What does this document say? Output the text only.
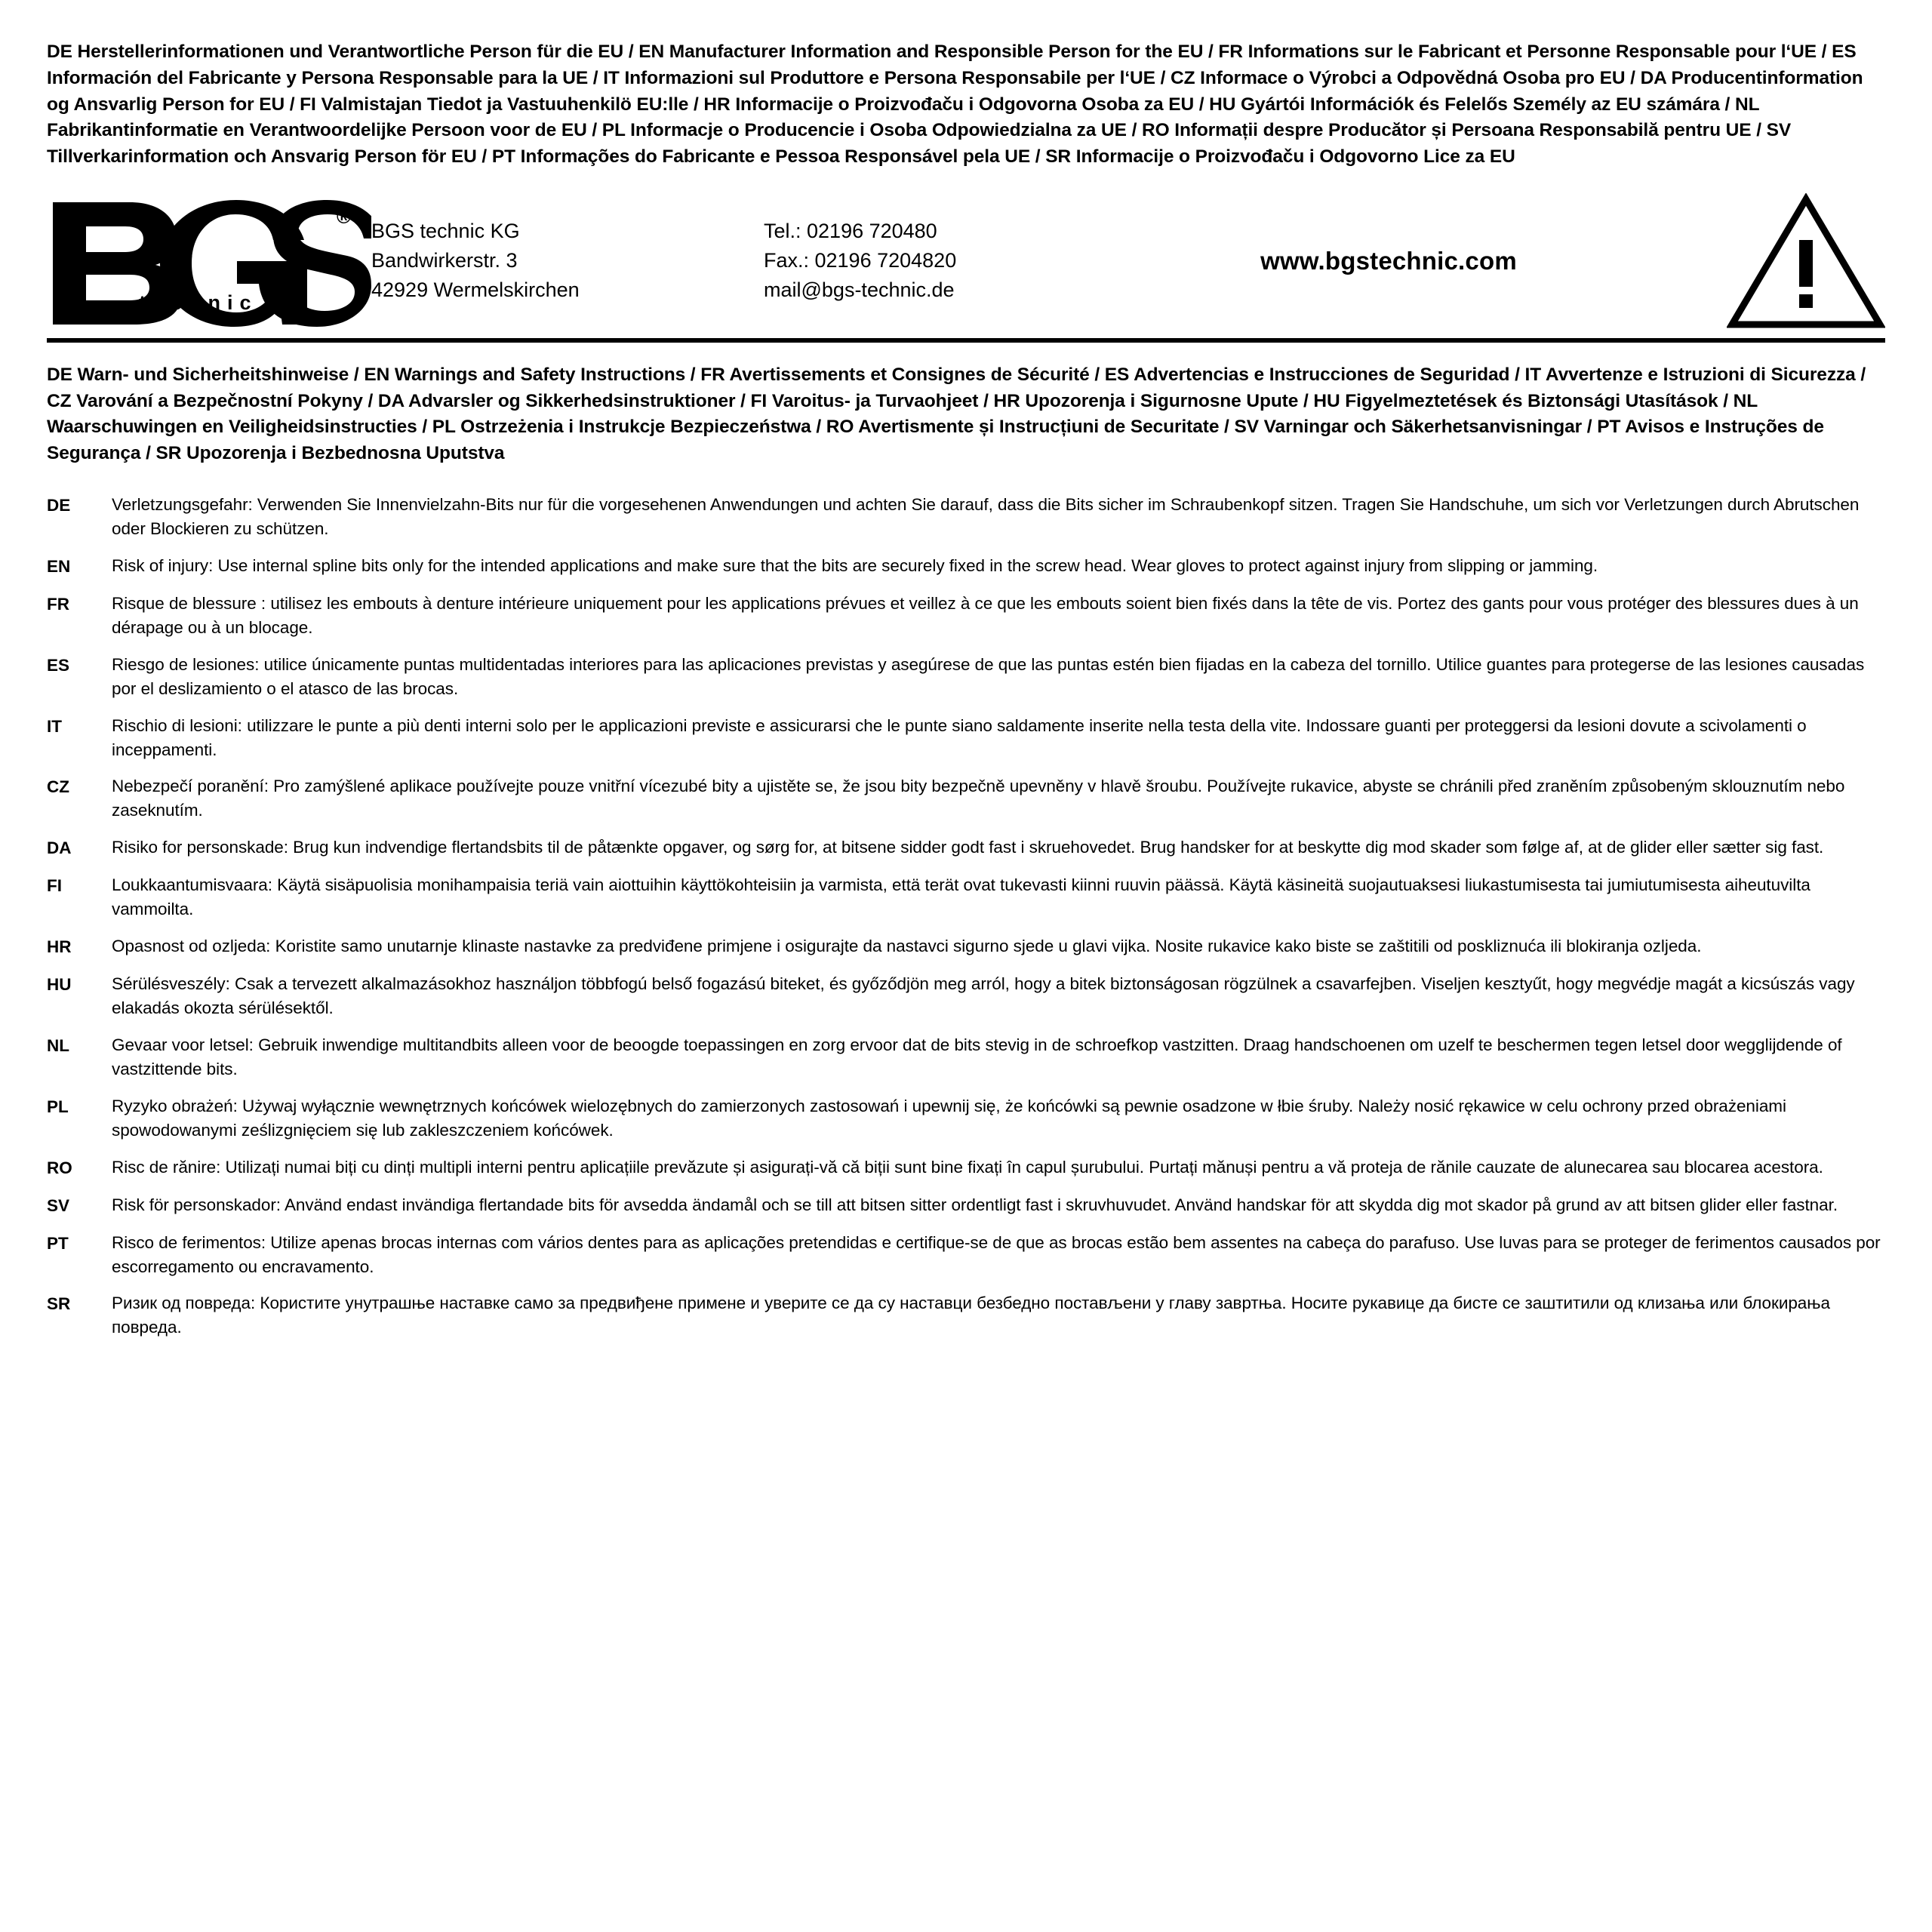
DE Herstellerinformationen und Verantwortliche Person für die EU / EN Manufacturer Information and Responsible Person for the EU / FR Informations sur le Fabricant et Personne Responsable pour l‘UE / ES Información del Fabricante y Persona Responsable para la UE / IT Informazioni sul Produttore e Persona Responsabile per l‘UE / CZ Informace o Výrobci a Odpovědná Osoba pro EU / DA Producentinformation og Ansvarlig Person for EU / FI Valmistajan Tiedot ja Vastuuhenkilö EU:lle / HR Informacije o Proizvođaču i Odgovorna Osoba za EU / HU Gyártói Információk és Felelős Személy az EU számára / NL Fabrikantinformatie en Verantwoordelijke Persoon voor de EU / PL Informacje o Producencie i Osoba Odpowiedzialna za UE / RO Informații despre Producător și Persoana Responsabilă pentru UE / SV Tillverkarinformation och Ansvarig Person för EU / PT Informações do Fabricante e Pessoa Responsável pela UE / SR Informacije o Proizvođaču i Odgovorno Lice za EU
®
technic
BGS technic KG
Bandwirkerstr. 3
42929 Wermelskirchen
Tel.: 02196 720480
Fax.: 02196 7204820
mail@bgs-technic.de
www.bgstechnic.com
DE Warn- und Sicherheitshinweise / EN Warnings and Safety Instructions / FR Avertissements et Consignes de Sécurité / ES Advertencias e Instrucciones de Seguridad / IT Avvertenze e Istruzioni di Sicurezza / CZ Varování a Bezpečnostní Pokyny / DA Advarsler og Sikkerhedsinstruktioner / FI Varoitus- ja Turvaohjeet / HR Upozorenja i Sigurnosne Upute / HU Figyelmeztetések és Biztonsági Utasítások / NL Waarschuwingen en Veiligheidsinstructies / PL Ostrzeżenia i Instrukcje Bezpieczeństwa / RO Avertismente și Instrucțiuni de Securitate / SV Varningar och Säkerhetsanvisningar / PT Avisos e Instruções de Segurança / SR Upozorenja i Bezbednosna Uputstva
DE	Verletzungsgefahr: Verwenden Sie Innenvielzahn-Bits nur für die vorgesehenen Anwendungen und achten Sie darauf, dass die Bits sicher im Schraubenkopf sitzen. Tragen Sie Handschuhe, um sich vor Verletzungen durch Abrutschen oder Blockieren zu schützen.
EN	Risk of injury: Use internal spline bits only for the intended applications and make sure that the bits are securely fixed in the screw head. Wear gloves to protect against injury from slipping or jamming.
FR	Risque de blessure : utilisez les embouts à denture intérieure uniquement pour les applications prévues et veillez à ce que les embouts soient bien fixés dans la tête de vis. Portez des gants pour vous protéger des blessures dues à un dérapage ou à un blocage.
ES	Riesgo de lesiones: utilice únicamente puntas multidentadas interiores para las aplicaciones previstas y asegúrese de que las puntas estén bien fijadas en la cabeza del tornillo. Utilice guantes para protegerse de las lesiones causadas por el deslizamiento o el atasco de las brocas.
IT	Rischio di lesioni: utilizzare le punte a più denti interni solo per le applicazioni previste e assicurarsi che le punte siano saldamente inserite nella testa della vite. Indossare guanti per proteggersi da lesioni dovute a scivolamenti o inceppamenti.
CZ	Nebezpečí poranění: Pro zamýšlené aplikace používejte pouze vnitřní vícezubé bity a ujistěte se, že jsou bity bezpečně upevněny v hlavě šroubu. Používejte rukavice, abyste se chránili před zraněním způsobeným sklouznutím nebo zaseknutím.
DA	Risiko for personskade: Brug kun indvendige flertandsbits til de påtænkte opgaver, og sørg for, at bitsene sidder godt fast i skruehovedet. Brug handsker for at beskytte dig mod skader som følge af, at de glider eller sætter sig fast.
FI	Loukkaantumisvaara: Käytä sisäpuolisia monihampaisia teriä vain aiottuihin käyttökohteisiin ja varmista, että terät ovat tukevasti kiinni ruuvin päässä. Käytä käsineitä suojautuaksesi liukastumisesta tai jumiutumisesta aiheutuvilta vammoilta.
HR	Opasnost od ozljeda: Koristite samo unutarnje klinaste nastavke za predviđene primjene i osigurajte da nastavci sigurno sjede u glavi vijka. Nosite rukavice kako biste se zaštitili od poskliznuća ili blokiranja ozljeda.
HU	Sérülésveszély: Csak a tervezett alkalmazásokhoz használjon többfogú belső fogazású biteket, és győződjön meg arról, hogy a bitek biztonságosan rögzülnek a csavarfejben. Viseljen kesztyűt, hogy megvédje magát a kicsúszás vagy elakadás okozta sérülésektől.
NL	Gevaar voor letsel: Gebruik inwendige multitandbits alleen voor de beoogde toepassingen en zorg ervoor dat de bits stevig in de schroefkop vastzitten. Draag handschoenen om uzelf te beschermen tegen letsel door wegglijdende of vastzittende bits.
PL	Ryzyko obrażeń: Używaj wyłącznie wewnętrznych końcówek wielozębnych do zamierzonych zastosowań i upewnij się, że końcówki są pewnie osadzone w łbie śruby. Należy nosić rękawice w celu ochrony przed obrażeniami spowodowanymi ześlizgnięciem się lub zakleszczeniem końcówek.
RO	Risc de rănire: Utilizați numai biți cu dinți multipli interni pentru aplicațiile prevăzute și asigurați-vă că biții sunt bine fixați în capul șurubului. Purtați mănuși pentru a vă proteja de rănile cauzate de alunecarea sau blocarea acestora.
SV	Risk för personskador: Använd endast invändiga flertandade bits för avsedda ändamål och se till att bitsen sitter ordentligt fast i skruvhuvudet. Använd handskar för att skydda dig mot skador på grund av att bitsen glider eller fastnar.
PT	Risco de ferimentos: Utilize apenas brocas internas com vários dentes para as aplicações pretendidas e certifique-se de que as brocas estão bem assentes na cabeça do parafuso. Use luvas para se proteger de ferimentos causados por escorregamento ou encravamento.
SR	Ризик од повреда: Користите унутрашње наставке само за предвиђене примене и уверите се да су наставци безбедно постављени у главу завртња. Носите рукавице да бисте се заштитили од клизања или блокирања повреда.
